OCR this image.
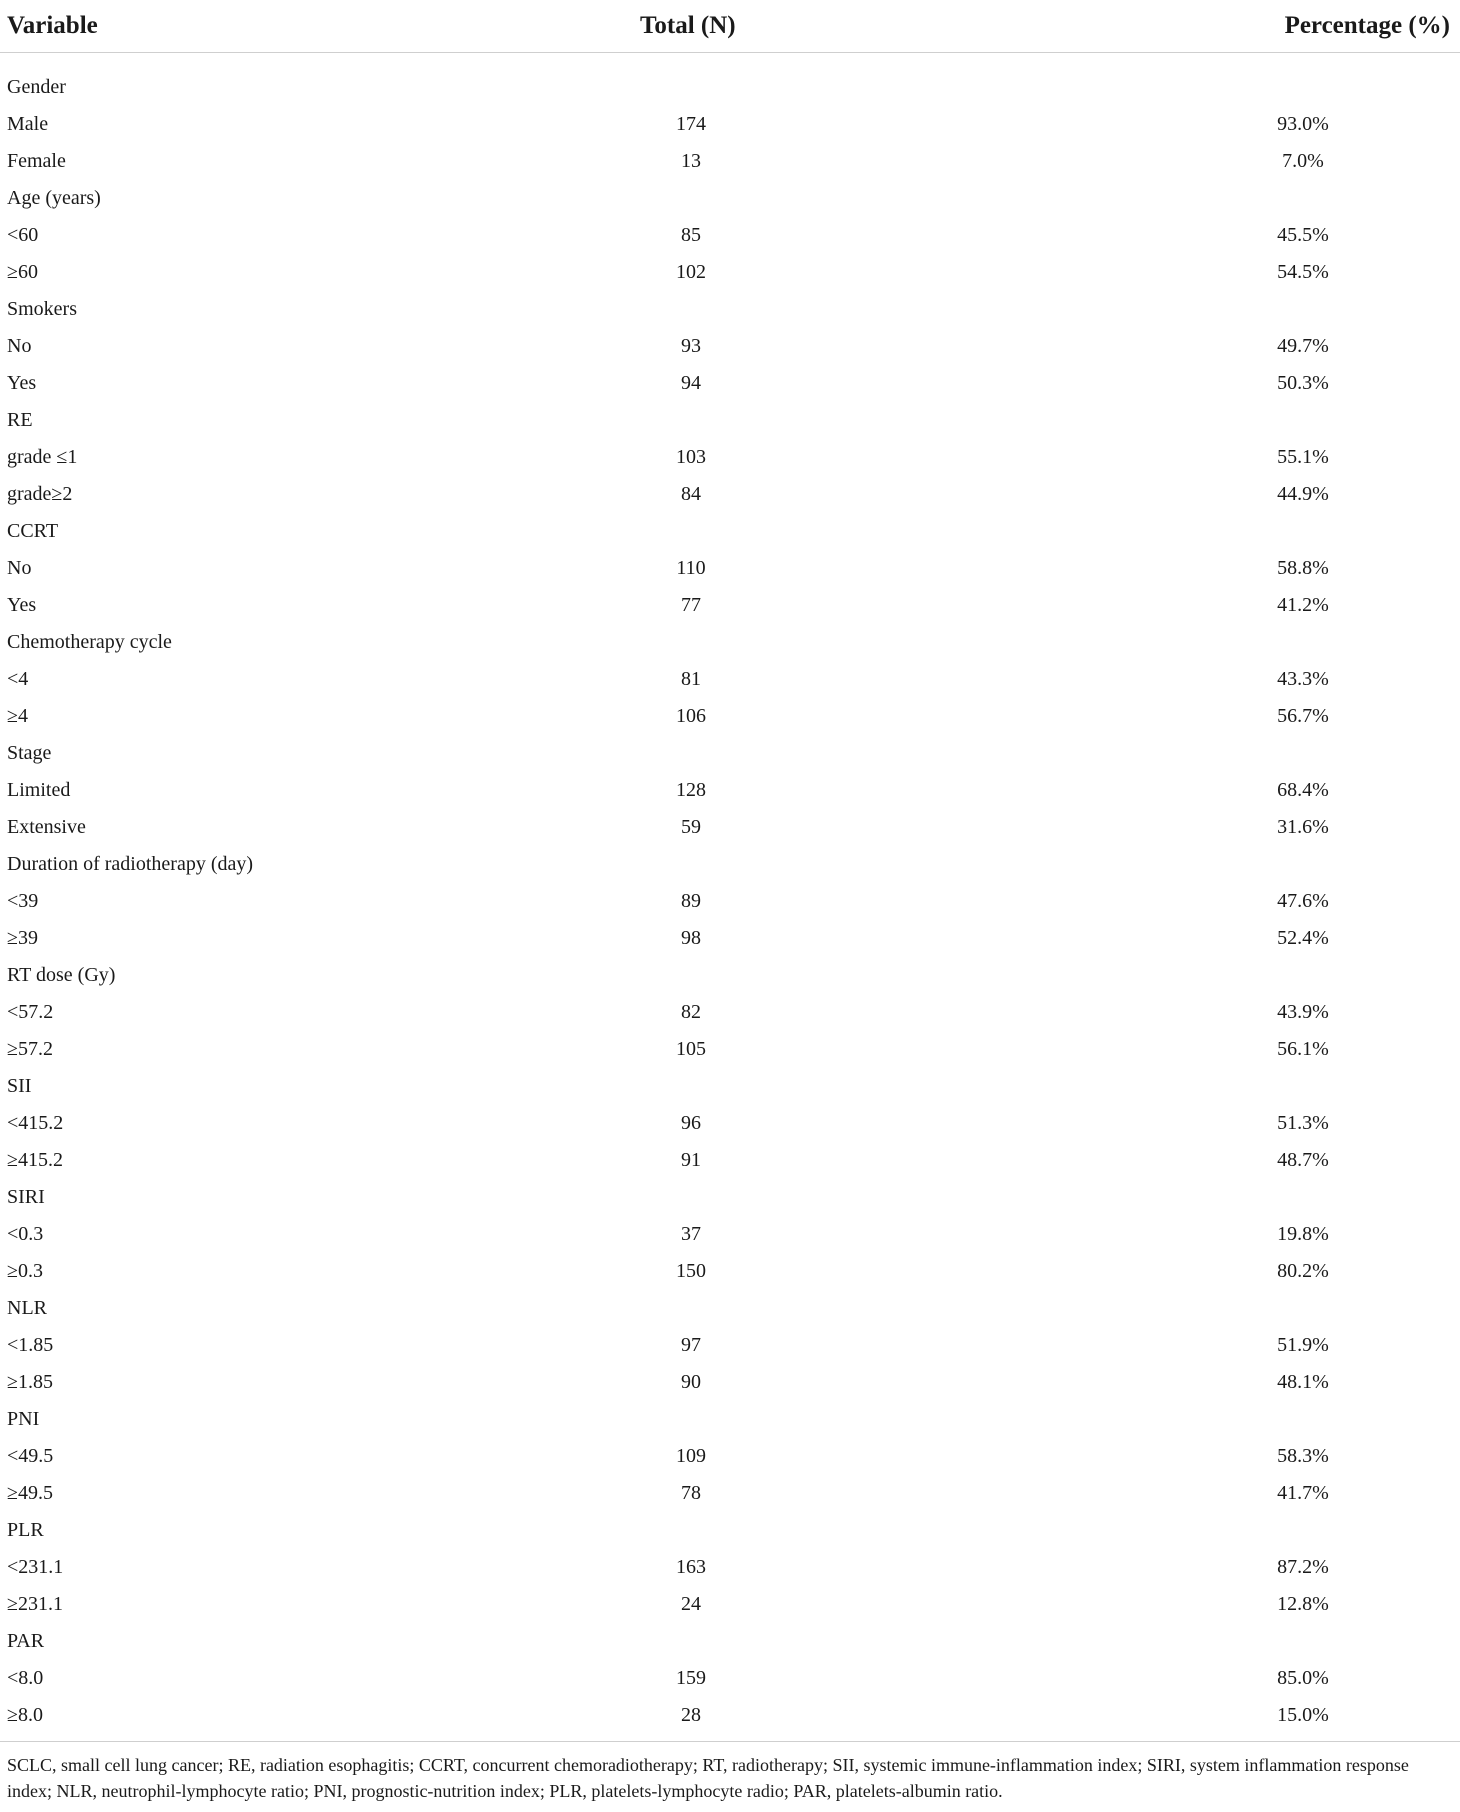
Variable	Total (N)	Percentage (%)

Gender		
Male	174	93.0%
Female	13	7.0%
Age (years)		
<60	85	45.5%
≥60	102	54.5%
Smokers		
No	93	49.7%
Yes	94	50.3%
RE		
grade ≤1	103	55.1%
grade≥2	84	44.9%
CCRT		
No	110	58.8%
Yes	77	41.2%
Chemotherapy cycle		
<4	81	43.3%
≥4	106	56.7%
Stage		
Limited	128	68.4%
Extensive	59	31.6%
Duration of radiotherapy (day)		
<39	89	47.6%
≥39	98	52.4%
RT dose (Gy)		
<57.2	82	43.9%
≥57.2	105	56.1%
SII		
<415.2	96	51.3%
≥415.2	91	48.7%
SIRI		
<0.3	37	19.8%
≥0.3	150	80.2%
NLR		
<1.85	97	51.9%
≥1.85	90	48.1%
PNI		
<49.5	109	58.3%
≥49.5	78	41.7%
PLR		
<231.1	163	87.2%
≥231.1	24	12.8%
PAR		
<8.0	159	85.0%
≥8.0	28	15.0%
SCLC, small cell lung cancer; RE, radiation esophagitis; CCRT, concurrent chemoradiotherapy; RT, radiotherapy; SII, systemic immune-inflammation index; SIRI, system inflammation response index; NLR, neutrophil-lymphocyte ratio; PNI, prognostic-nutrition index; PLR, platelets-lymphocyte radio; PAR, platelets-albumin ratio.
